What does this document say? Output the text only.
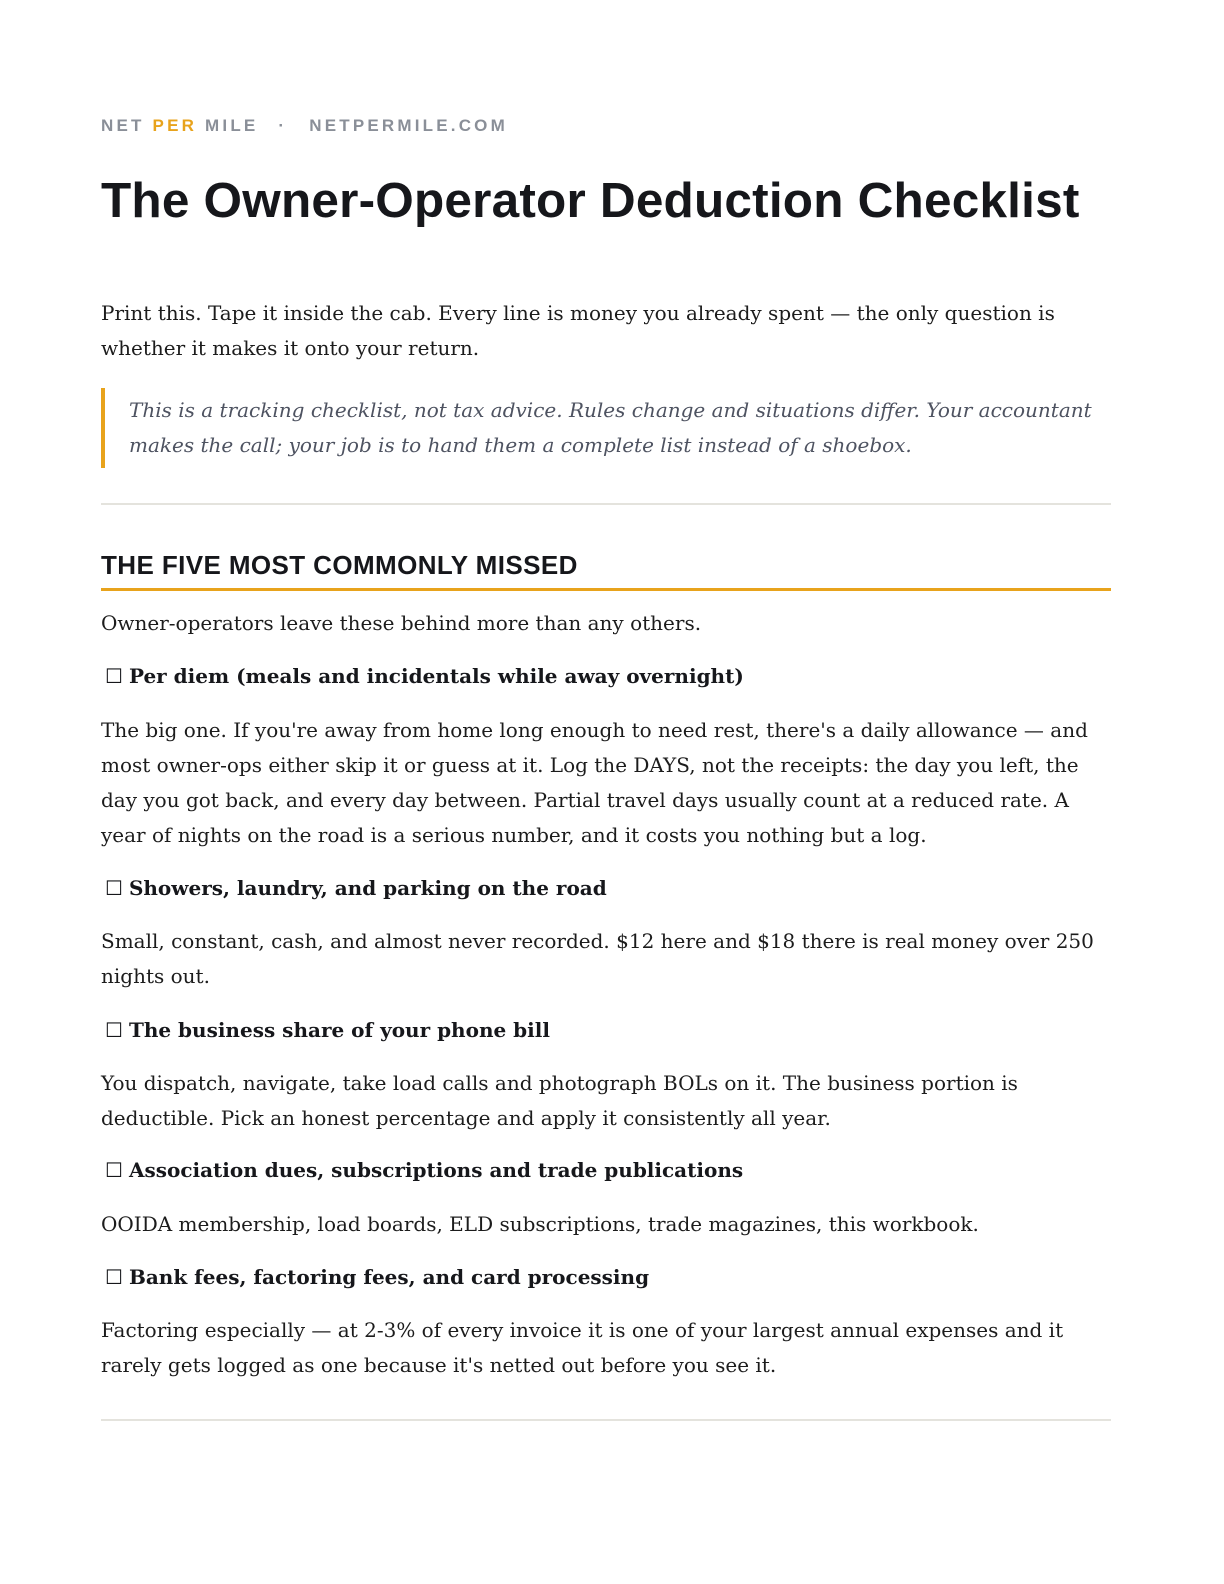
NET PER MILE · NETPERMILE.COM
The Owner-Operator Deduction Checklist

Print this. Tape it inside the cab. Every line is money you already spent — the only question is whether it makes it onto your return.

This is a tracking checklist, not tax advice. Rules change and situations differ. Your accountant makes the call; your job is to hand them a complete list instead of a shoebox.

THE FIVE MOST COMMONLY MISSED

Owner-operators leave these behind more than any others.

☐ Per diem (meals and incidentals while away overnight)

The big one. If you're away from home long enough to need rest, there's a daily allowance — and most owner-ops either skip it or guess at it. Log the DAYS, not the receipts: the day you left, the day you got back, and every day between. Partial travel days usually count at a reduced rate. A year of nights on the road is a serious number, and it costs you nothing but a log.

☐ Showers, laundry, and parking on the road

Small, constant, cash, and almost never recorded. $12 here and $18 there is real money over 250 nights out.

☐ The business share of your phone bill

You dispatch, navigate, take load calls and photograph BOLs on it. The business portion is deductible. Pick an honest percentage and apply it consistently all year.

☐ Association dues, subscriptions and trade publications

OOIDA membership, load boards, ELD subscriptions, trade magazines, this workbook.

☐ Bank fees, factoring fees, and card processing

Factoring especially — at 2-3% of every invoice it is one of your largest annual expenses and it rarely gets logged as one because it's netted out before you see it.
